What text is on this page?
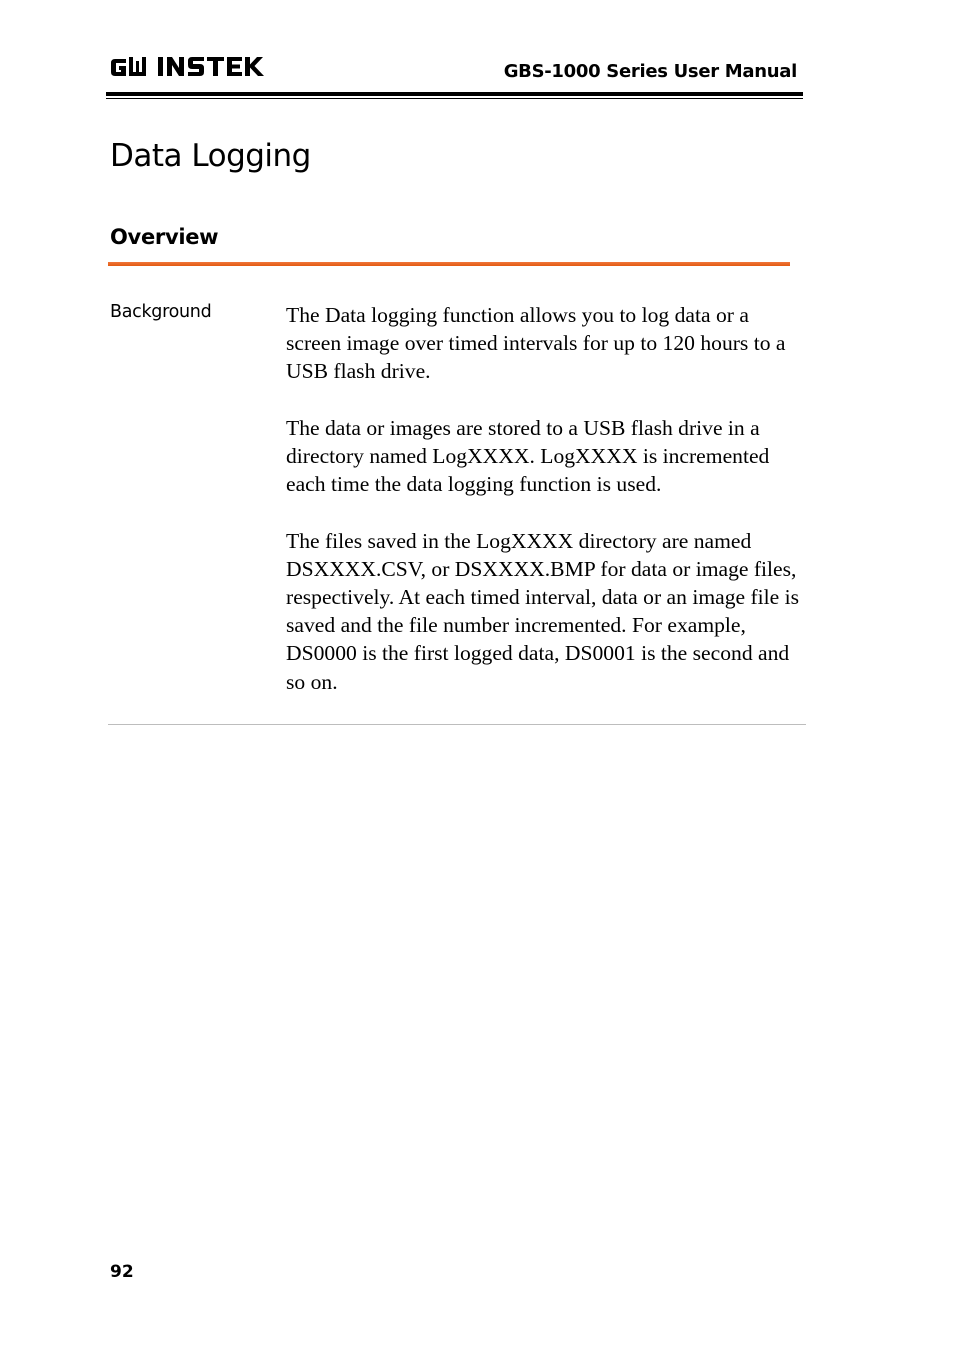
GBS-1000 Series User Manual
Data Logging
Overview
Background	The Data logging function allows you to log data or a screen image over timed intervals for up to 120 hours to a USB flash drive.

The data or images are stored to a USB flash drive in a directory named LogXXXX. LogXXXX is incremented each time the data logging function is used.

The files saved in the LogXXXX directory are named DSXXXX.CSV, or DSXXXX.BMP for data or image files, respectively. At each timed interval, data or an image file is saved and the file number incremented. For example, DS0000 is the first logged data, DS0001 is the second and so on.

92
